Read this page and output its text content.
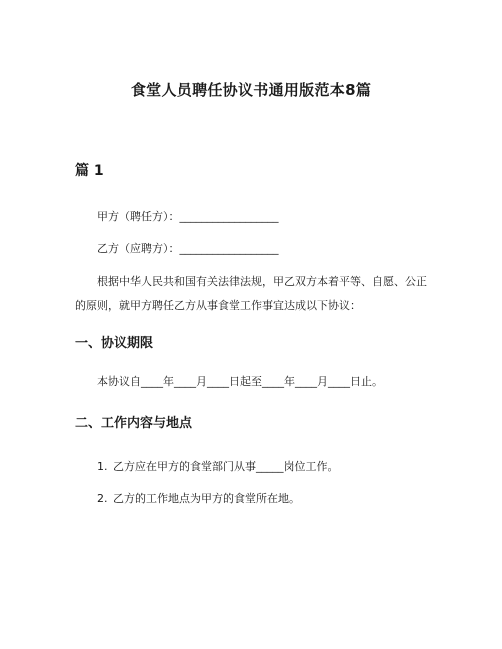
食堂人员聘任协议书通用版范本8篇
篇 1
甲方（聘任方）：__________________
乙方（应聘方）：__________________
根据中华人民共和国有关法律法规，甲乙双方本着平等、自愿、公正的原则，就甲方聘任乙方从事食堂工作事宜达成以下协议：
一、协议期限
本协议自____年____月____日起至____年____月____日止。
二、工作内容与地点
1. 乙方应在甲方的食堂部门从事_____岗位工作。
2. 乙方的工作地点为甲方的食堂所在地。
